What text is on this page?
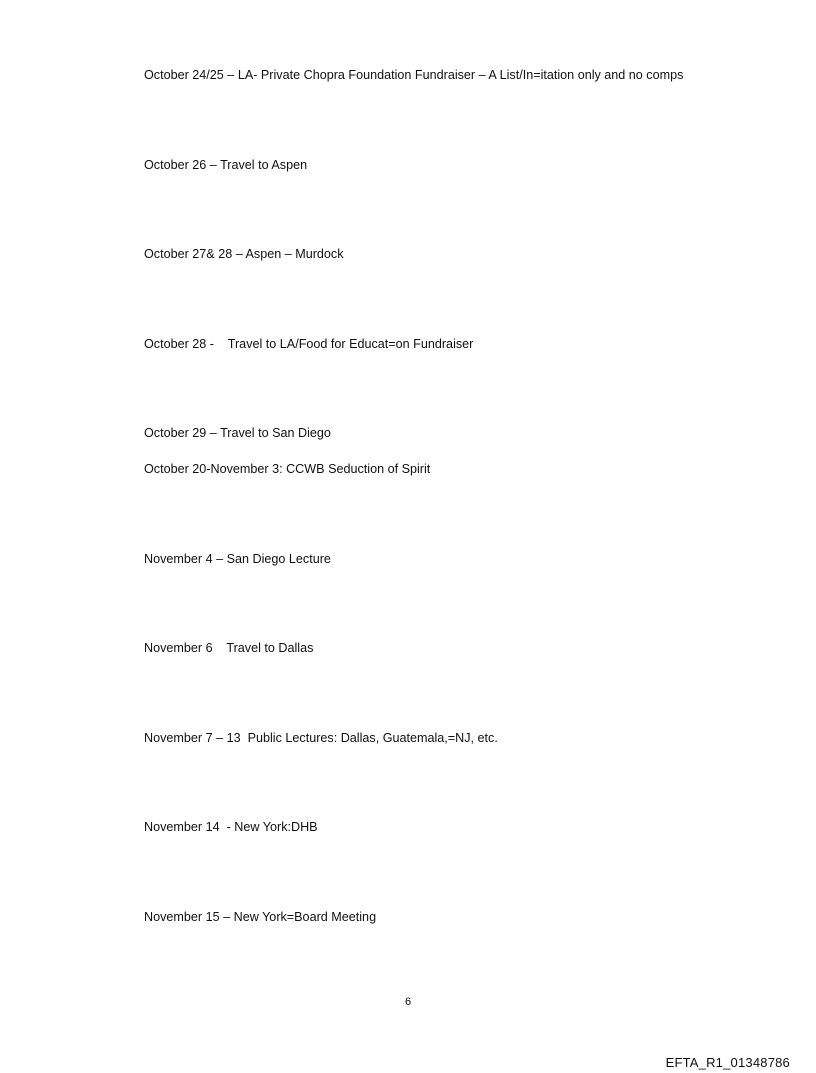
October 24/25 – LA- Private Chopra Foundation Fundraiser – A List/In=itation only and no comps
October 26 – Travel to Aspen
October 27& 28 – Aspen – Murdock
October 28 -    Travel to LA/Food for Educat=on Fundraiser
October 29 – Travel to San Diego
October 20-November 3: CCWB Seduction of Spirit
November 4 – San Diego Lecture
November 6    Travel to Dallas
November 7 – 13  Public Lectures: Dallas, Guatemala,=NJ, etc.
November 14  - New York:DHB
November 15 – New York=Board Meeting
6
EFTA_R1_01348786
